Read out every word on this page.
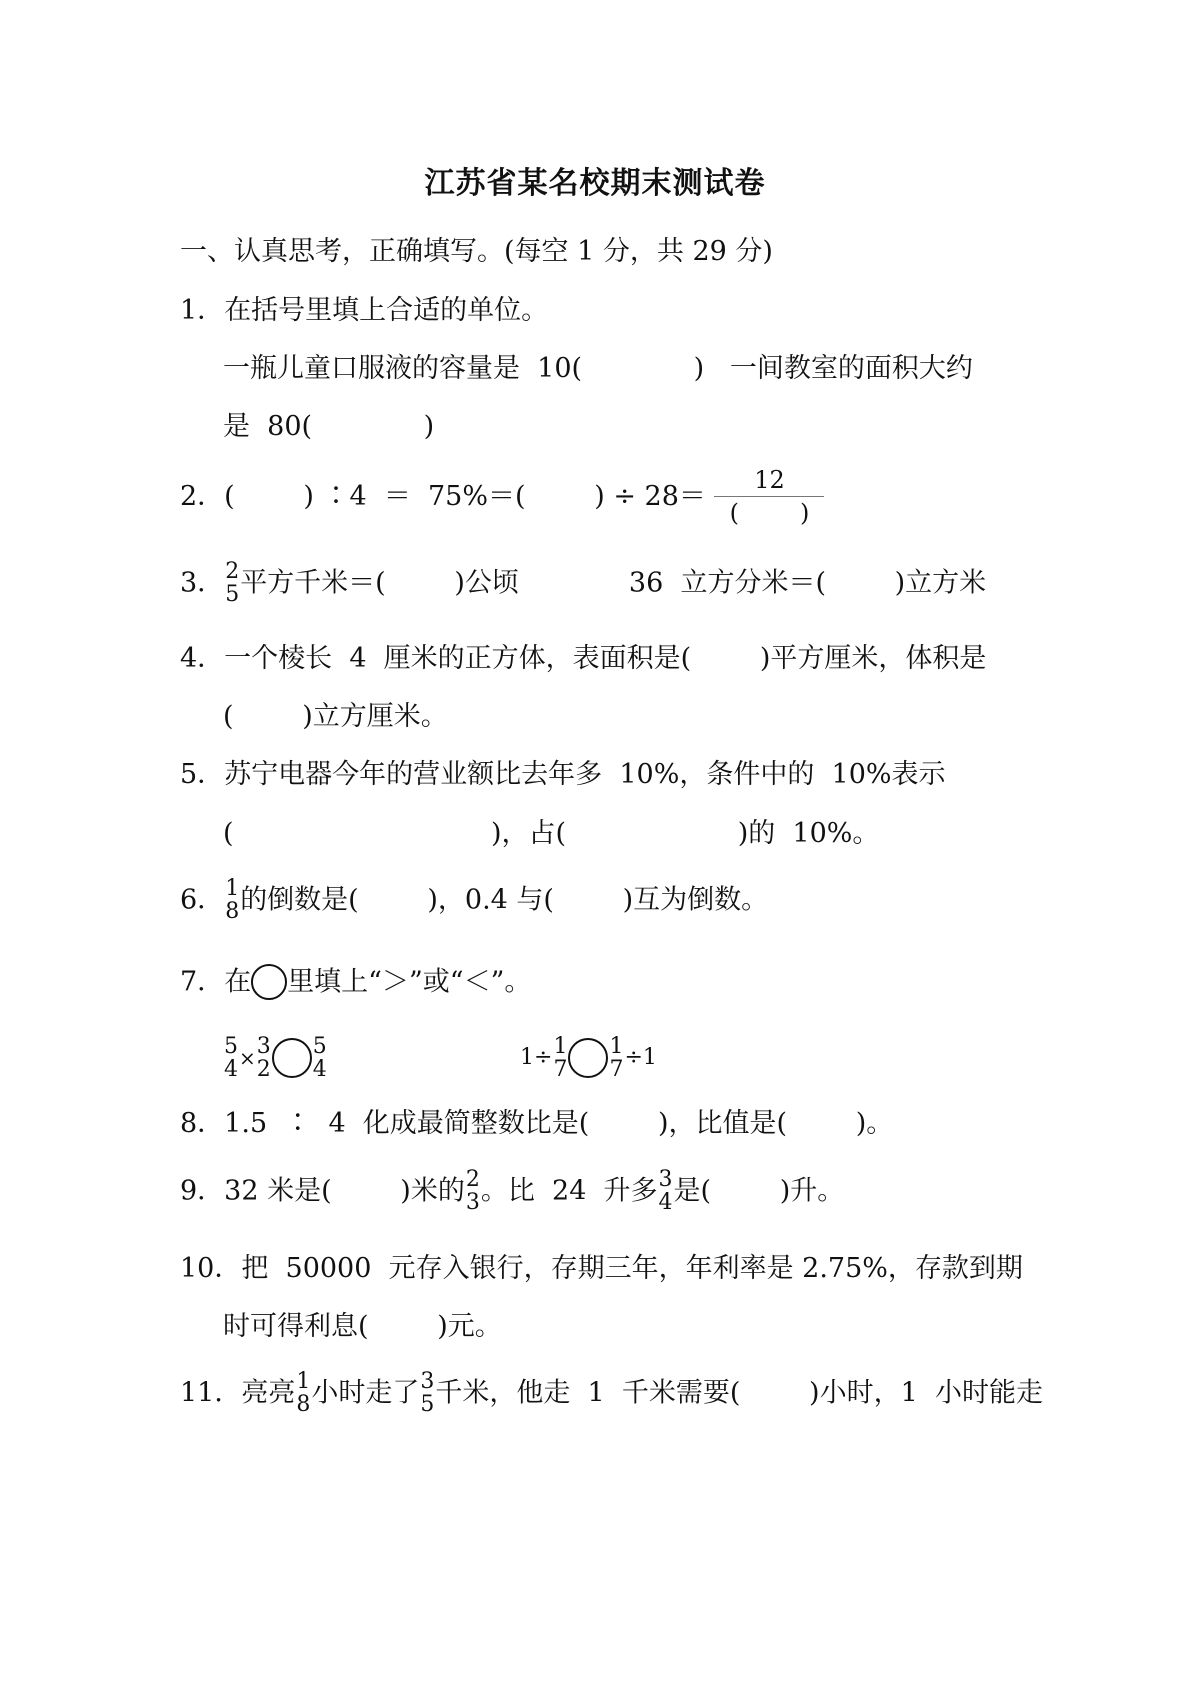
江苏省某名校期末测试卷
一、认真思考，正确填写。(每空 1 分，共 29 分)
1．在括号里填上合适的单位。
一瓶儿童口服液的容量是  10(             )   一间教室的面积大约
是  80(             )
2．(        ) ∶4  ＝  75%＝(        ) ÷ 28＝
12
(        )
3． 2
5 平方千米＝(        )公顷	36  立方分米＝(        )立方米
4．一个棱长  4  厘米的正方体，表面积是(        )平方厘米，体积是
(        )立方厘米。
5．苏宁电器今年的营业额比去年多  10%，条件中的  10%表示
(                              )，占(                    )的  10%。
6． 1
8 的倒数是(        )，0.4 与(        )互为倒数。
7．在 里填上“＞”或“＜”。
5
4 × 3
2
5
4	1÷ 1
7
1
7 ÷1
8．1.5  ∶  4  化成最简整数比是(        )，比值是(        )。
9．32 米是(        )米的 2
3 。比  24  升多 3
4 是(        )升。
10．把  50000  元存入银行，存期三年，年利率是 2.75%，存款到期
时可得利息(        )元。
11．亮亮 1
8 小时走了 3
5 千米，他走  1  千米需要(        )小时，1  小时能走
